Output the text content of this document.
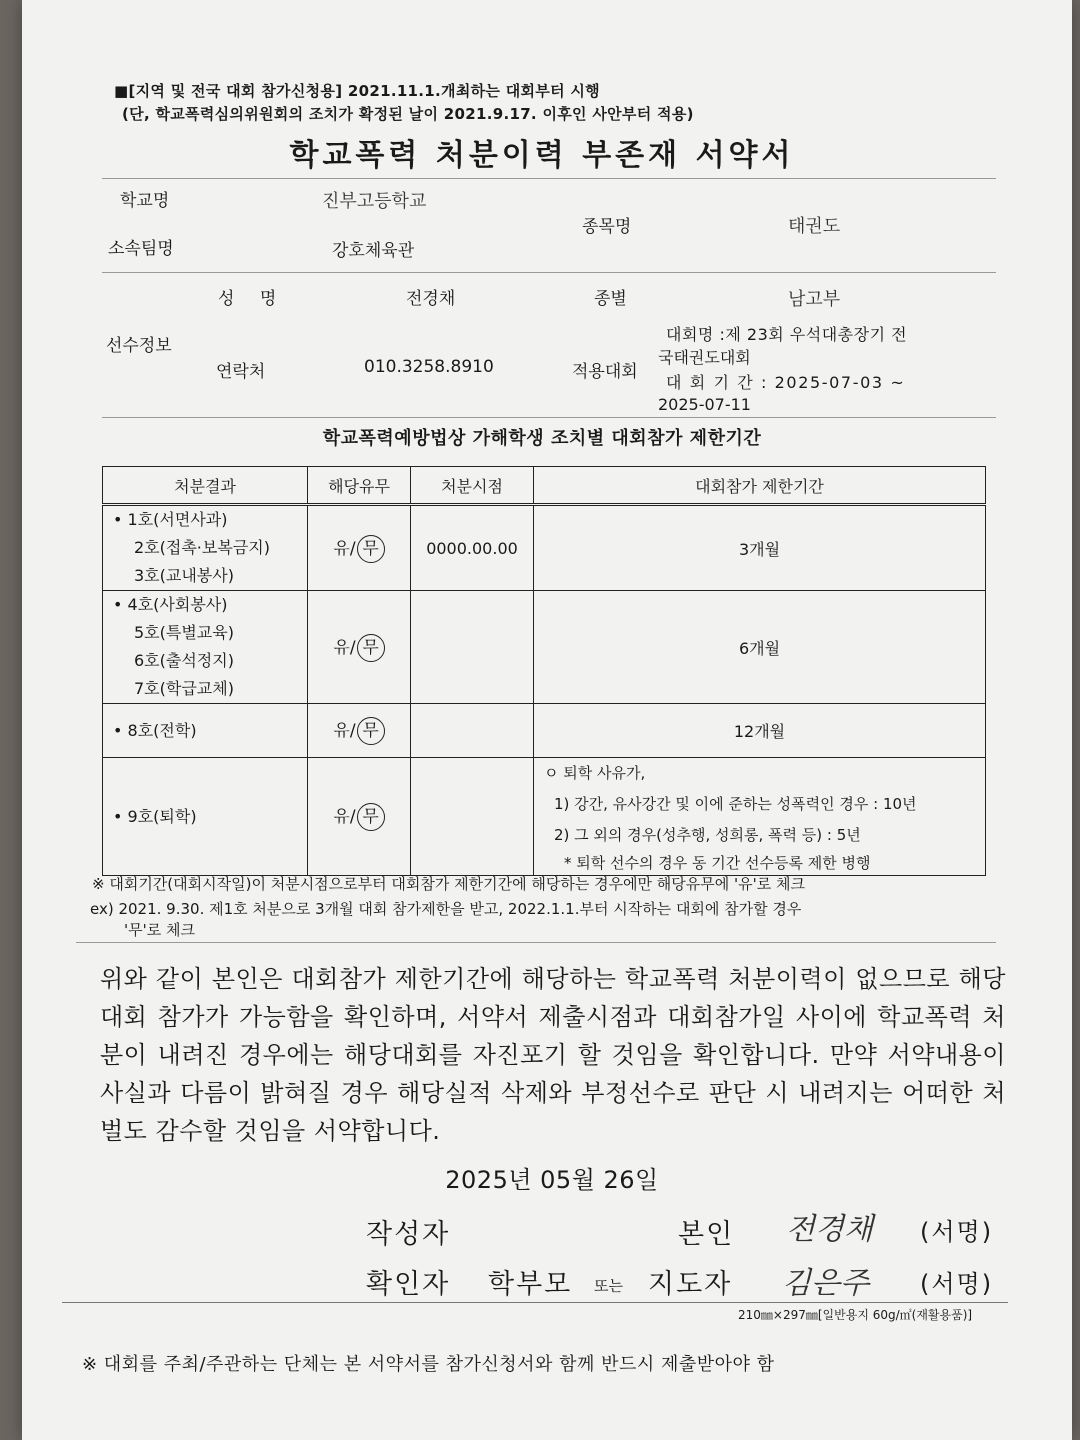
■[지역 및 전국 대회 참가신청용] 2021.11.1.개최하는 대회부터 시행
(단, 학교폭력심의위원회의 조치가 확정된 날이 2021.9.17. 이후인 사안부터 적용)
학교폭력 처분이력 부존재 서약서
학교명	진부고등학교
소속팀명	강호체육관
종목명	태권도
성 명	전경채	종별	남고부
선수정보
연락처	010.3258.8910	적용대회
대회명 :제 23회 우석대총장기 전
국태권도대회
대 회 기 간 : 2025-07-03 ~
2025-07-11
학교폭력예방법상 가해학생 조치별 대회참가 제한기간
처분결과	해당유무	처분시점	대회참가 제한기간

• 1호(서면사과)
2호(접촉·보복금지)
3호(교내봉사)	유/ 무	0000.00.00	3개월

• 4호(사회봉사)
5호(특별교육)
6호(출석정지)
7호(학급교체)	유/ 무		6개월

• 8호(전학)	유/ 무		12개월

• 9호(퇴학)	유/ 무		ㅇ 퇴학 사유가,
1) 강간, 유사강간 및 이에 준하는 성폭력인 경우 : 10년
2) 그 외의 경우(성추행, 성희롱, 폭력 등) : 5년
* 퇴학 선수의 경우 동 기간 선수등록 제한 병행
※ 대회기간(대회시작일)이 처분시점으로부터 대회참가 제한기간에 해당하는 경우에만 해당유무에 '유'로 체크
ex) 2021. 9.30. 제1호 처분으로 3개월 대회 참가제한을 받고, 2022.1.1.부터 시작하는 대회에 참가할 경우
'무'로 체크
위와 같이 본인은 대회참가 제한기간에 해당하는 학교폭력 처분이력이 없으므로 해당 대회 참가가 가능함을 확인하며, 서약서 제출시점과 대회참가일 사이에 학교폭력 처분이 내려진 경우에는 해당대회를 자진포기 할 것임을 확인합니다. 만약 서약내용이 사실과 다름이 밝혀질 경우 해당실적 삭제와 부정선수로 판단 시 내려지는 어떠한 처벌도 감수할 것임을 서약합니다.
2025년 05월 26일
작성자	본인 전경채 (서명)
확인자 학부모 또는 지도자 김은주 (서명)
210㎜×297㎜[일반용지 60g/㎡(재활용품)]
※ 대회를 주최/주관하는 단체는 본 서약서를 참가신청서와 함께 반드시 제출받아야 함
